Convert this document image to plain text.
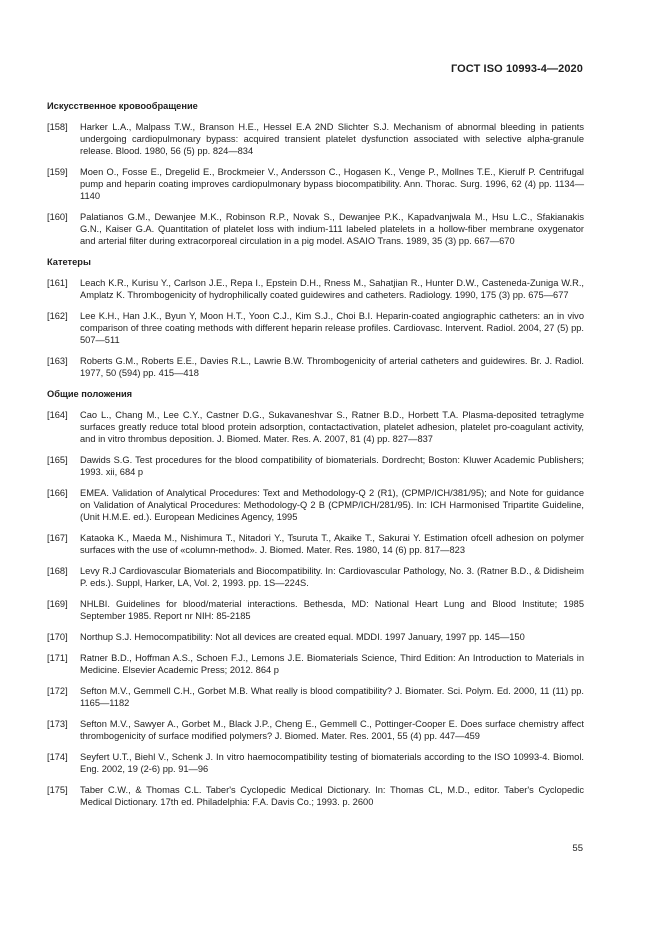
ГОСТ ISO 10993-4—2020
Искусственное кровообращение
[158]	Harker L.A., Malpass T.W., Branson H.E., Hessel E.A 2ND Slichter S.J. Mechanism of abnormal bleeding in patients undergoing cardiopulmonary bypass: acquired transient platelet dysfunction associated with selective alpha-granule release. Blood. 1980, 56 (5) pp. 824—834
[159]	Moen O., Fosse E., Dregelid E., Brockmeier V., Andersson C., Hogasen K., Venge P., Mollnes T.E., Kierulf P. Centrifugal pump and heparin coating improves cardiopulmonary bypass biocompatibility. Ann. Thorac. Surg. 1996, 62 (4) pp. 1134—1140
[160]	Palatianos G.M., Dewanjee M.K., Robinson R.P., Novak S., Dewanjee P.K., Kapadvanjwala M., Hsu L.C., Sfakianakis G.N., Kaiser G.A. Quantitation of platelet loss with indium-111 labeled platelets in a hollow-fiber membrane oxygenator and arterial filter during extracorporeal circulation in a pig model. ASAIO Trans. 1989, 35 (3) pp. 667—670
Катетеры
[161]	Leach K.R., Kurisu Y., Carlson J.E., Repa I., Epstein D.H., Rness M., Sahatjian R., Hunter D.W., Casteneda-Zuniga W.R., Amplatz K. Thrombogenicity of hydrophilically coated guidewires and catheters. Radiology. 1990, 175 (3) pp. 675—677
[162]	Lee K.H., Han J.K., Byun Y, Moon H.T., Yoon C.J., Kim S.J., Choi B.I. Heparin-coated angiographic catheters: an in vivo comparison of three coating methods with different heparin release profiles. Cardiovasc. Intervent. Radiol. 2004, 27 (5) pp. 507—511
[163]	Roberts G.M., Roberts E.E., Davies R.L., Lawrie B.W. Thrombogenicity of arterial catheters and guidewires. Br. J. Radiol. 1977, 50 (594) pp. 415—418
Общие положения
[164]	Cao L., Chang M., Lee C.Y., Castner D.G., Sukavaneshvar S., Ratner B.D., Horbett T.A. Plasma-deposited tetraglyme surfaces greatly reduce total blood protein adsorption, contactactivation, platelet adhesion, platelet pro-coagulant activity, and in vitro thrombus deposition. J. Biomed. Mater. Res. A. 2007, 81 (4) pp. 827—837
[165]	Dawids S.G. Test procedures for the blood compatibility of biomaterials. Dordrecht; Boston: Kluwer Academic Publishers; 1993. xii, 684 p
[166]	EMEA. Validation of Analytical Procedures: Text and Methodology-Q 2 (R1), (CPMP/ICH/381/95); and Note for guidance on Validation of Analytical Procedures: Methodology-Q 2 B (CPMP/ICH/281/95). In: ICH Harmonised Tripartite Guideline, (Unit H.M.E. ed.). European Medicines Agency, 1995
[167]	Kataoka K., Maeda M., Nishimura T., Nitadori Y., Tsuruta T., Akaike T., Sakurai Y. Estimation ofcell adhesion on polymer surfaces with the use of «column-method». J. Biomed. Mater. Res. 1980, 14 (6) pp. 817—823
[168]	Levy R.J Cardiovascular Biomaterials and Biocompatibility. In: Cardiovascular Pathology, No. 3. (Ratner B.D., & Didisheim P. eds.). Suppl, Harker, LA, Vol. 2, 1993. pp. 1S—224S.
[169]	NHLBI. Guidelines for blood/material interactions. Bethesda, MD: National Heart Lung and Blood Institute; 1985 September 1985. Report nr NIH: 85-2185
[170]	Northup S.J. Hemocompatibility: Not all devices are created equal. MDDI. 1997 January, 1997 pp. 145—150
[171]	Ratner B.D., Hoffman A.S., Schoen F.J., Lemons J.E. Biomaterials Science, Third Edition: An Introduction to Materials in Medicine. Elsevier Academic Press; 2012. 864 p
[172]	Sefton M.V., Gemmell C.H., Gorbet M.B. What really is blood compatibility? J. Biomater. Sci. Polym. Ed. 2000, 11 (11) pp. 1165—1182
[173]	Sefton M.V., Sawyer A., Gorbet M., Black J.P., Cheng E., Gemmell C., Pottinger-Cooper E. Does surface chemistry affect thrombogenicity of surface modified polymers? J. Biomed. Mater. Res. 2001, 55 (4) pp. 447—459
[174]	Seyfert U.T., Biehl V., Schenk J. In vitro haemocompatibility testing of biomaterials according to the ISO 10993-4. Biomol. Eng. 2002, 19 (2-6) pp. 91—96
[175]	Taber C.W., & Thomas C.L. Taber's Cyclopedic Medical Dictionary. In: Thomas CL, M.D., editor. Taber's Cyclopedic Medical Dictionary. 17th ed. Philadelphia: F.A. Davis Co.; 1993. p. 2600
55
